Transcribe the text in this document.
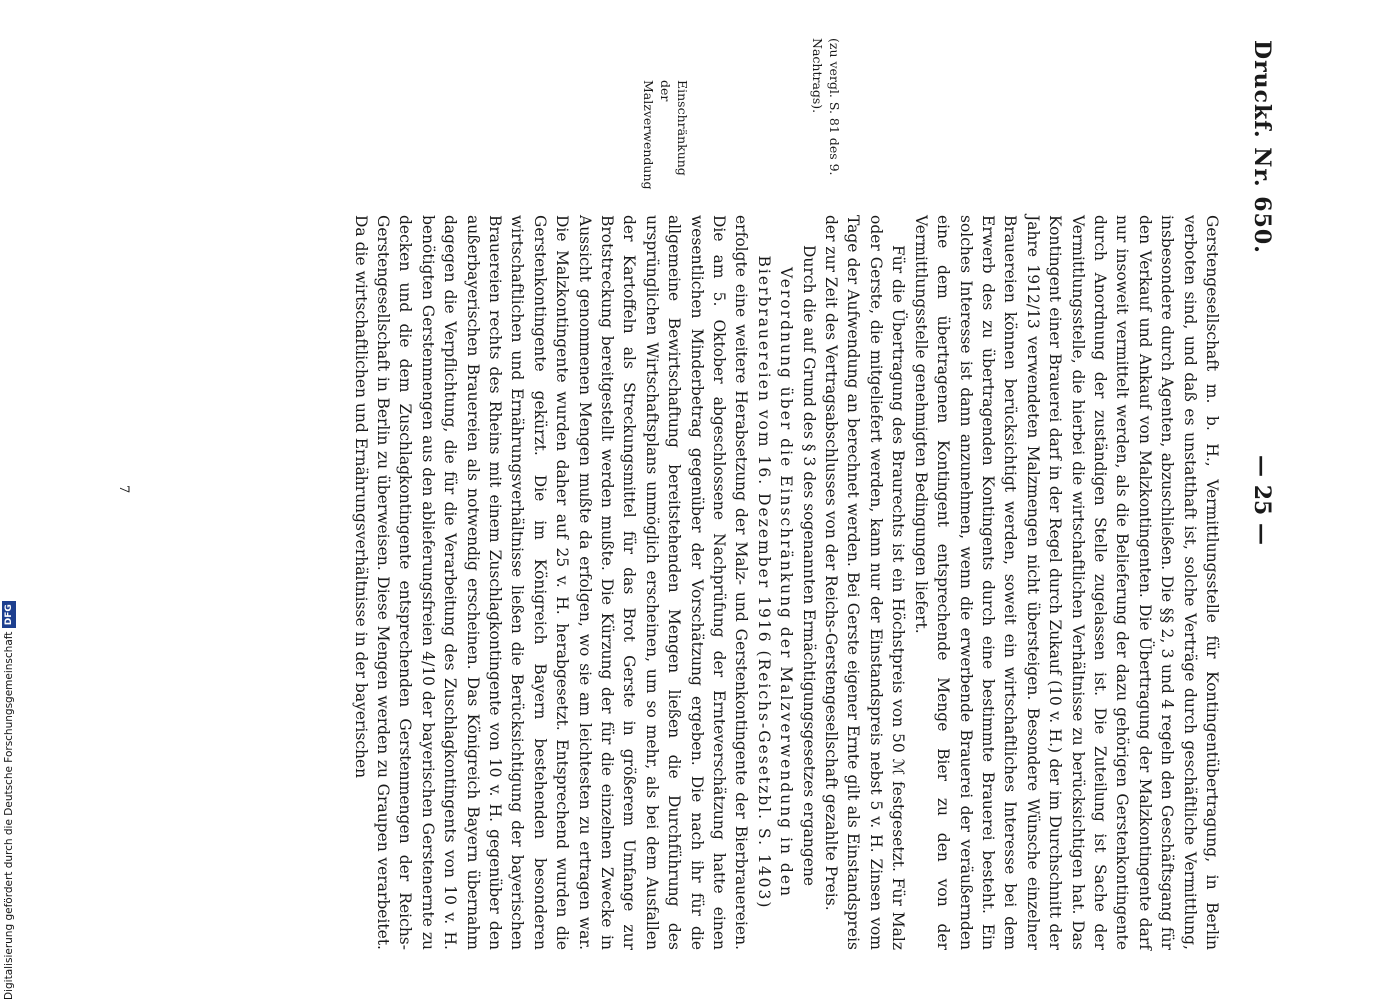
Druckf. Nr. 650.
— 25 —
Einschränkung der Malzverwendung	(zu vergl. S. 81 des 9. Nachtrags).

Gerstengesellschaft m. b. H., Vermittlungsstelle für Kontingentübertragung, in Berlin verboten sind, und daß es unstatthaft ist, solche Verträge durch geschäftliche Vermittlung, insbesondere durch Agenten, abzuschließen. Die §§ 2, 3 und 4 regeln den Geschäftsgang für den Verkauf und Ankauf von Malzkontingenten. Die Übertragung der Malzkontingente darf nur insoweit vermittelt werden, als die Belieferung der dazu gehörigen Gerstenkontingente durch Anordnung der zuständigen Stelle zugelassen ist. Die Zuteilung ist Sache der Vermittlungsstelle, die hierbei die wirtschaftlichen Verhältnisse zu berücksichtigen hat. Das Kontingent einer Brauerei darf in der Regel durch Zukauf (10 v. H.) der im Durchschnitt der Jahre 1912/13 verwendeten Malzmengen nicht übersteigen. Besondere Wünsche einzelner Brauereien können berücksichtigt werden, soweit ein wirtschaftliches Interesse bei dem Erwerb des zu übertragenden Kontingents durch eine bestimmte Brauerei besteht. Ein solches Interesse ist dann anzunehmen, wenn die erwerbende Brauerei der veräußernden eine dem übertragenen Kontingent entsprechende Menge Bier zu den von der Vermittlungsstelle genehmigten Bedingungen liefert.

Für die Übertragung des Braurechts ist ein Höchstpreis von 50 ℳ festgesetzt. Für Malz oder Gerste, die mitgeliefert werden, kann nur der Einstandspreis nebst 5 v. H. Zinsen vom Tage der Aufwendung an berechnet werden. Bei Gerste eigener Ernte gilt als Einstandspreis der zur Zeit des Vertragsabschlusses von der Reichs-Gerstengesellschaft gezahlte Preis.

Durch die auf Grund des § 3 des sogenannten Ermächtigungsgesetzes ergangene

Verordnung über die Einschränkung der Malzverwendung in den Bierbrauereien vom 16. Dezember 1916 (Reichs-Gesetzbl. S. 1403)

erfolgte eine weitere Herabsetzung der Malz- und Gerstenkontingente der Bierbrauereien. Die am 5. Oktober abgeschlossene Nachprüfung der Ernteverschätzung hatte einen wesentlichen Minderbetrag gegenüber der Vorschätzung ergeben. Die nach ihr für die allgemeine Bewirtschaftung bereitstehenden Mengen ließen die Durchführung des ursprünglichen Wirtschaftsplans unmöglich erscheinen, um so mehr, als bei dem Ausfallen der Kartoffeln als Streckungsmittel für das Brot Gerste in größerem Umfange zur Brotstreckung bereitgestellt werden mußte. Die Kürzung der für die einzelnen Zwecke in Aussicht genommenen Mengen mußte da erfolgen, wo sie am leichtesten zu ertragen war. Die Malzkontingente wurden daher auf 25 v. H. herabgesetzt. Entsprechend wurden die Gerstenkontingente gekürzt. Die im Königreich Bayern bestehenden besonderen wirtschaftlichen und Ernährungsverhältnisse ließen die Berücksichtigung der bayerischen Brauereien rechts des Rheins mit einem Zuschlagkontingente von 10 v. H. gegenüber den außerbayerischen Brauereien als notwendig erscheinen. Das Königreich Bayern übernahm dagegen die Verpflichtung, die für die Verarbeitung des Zuschlagkontingents von 10 v. H. benötigten Gerstenmengen aus den ablieferungsfreien 4/10 der bayerischen Gerstenernte zu decken und die dem Zuschlagkontingente entsprechenden Gerstenmengen der Reichs-Gerstengesellschaft in Berlin zu überweisen. Diese Mengen werden zu Graupen verarbeitet. Da die wirtschaftlichen und Ernährungsverhältnisse in der bayerischen

7
Digitalisierung gefördert durch die Deutsche Forschungsgemeinschaft DFG
